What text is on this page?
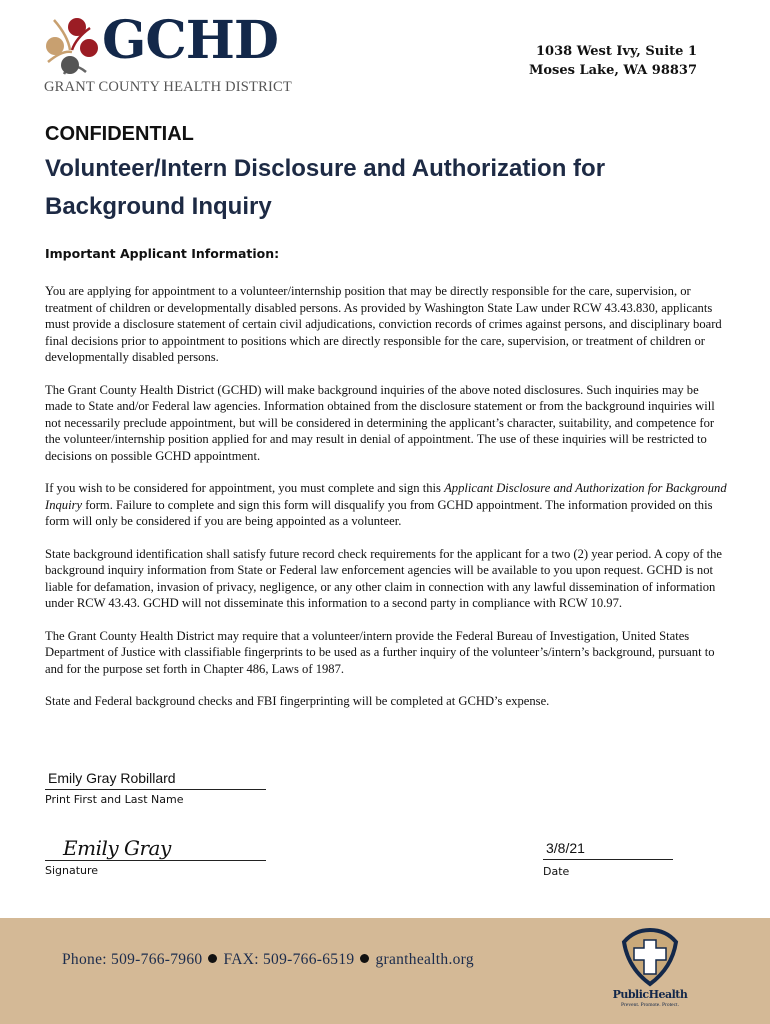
GCHD
GRANT COUNTY HEALTH DISTRICT
1038 West Ivy, Suite 1
Moses Lake, WA 98837
CONFIDENTIAL
Volunteer/Intern Disclosure and Authorization for Background Inquiry
Important Applicant Information:

You are applying for appointment to a volunteer/internship position that may be directly responsible for the care, supervision, or treatment of children or developmentally disabled persons. As provided by Washington State Law under RCW 43.43.830, applicants must provide a disclosure statement of certain civil adjudications, conviction records of crimes against persons, and disciplinary board final decisions prior to appointment to positions which are directly responsible for the care, supervision, or treatment of children or developmentally disabled persons.

The Grant County Health District (GCHD) will make background inquiries of the above noted disclosures. Such inquiries may be made to State and/or Federal law agencies. Information obtained from the disclosure statement or from the background inquiries will not necessarily preclude appointment, but will be considered in determining the applicant’s character, suitability, and competence for the volunteer/internship position applied for and may result in denial of appointment. The use of these inquiries will be restricted to decisions on possible GCHD appointment.

If you wish to be considered for appointment, you must complete and sign this Applicant Disclosure and Authorization for Background Inquiry form. Failure to complete and sign this form will disqualify you from GCHD appointment. The information provided on this form will only be considered if you are being appointed as a volunteer.

State background identification shall satisfy future record check requirements for the applicant for a two (2) year period. A copy of the background inquiry information from State or Federal law enforcement agencies will be available to you upon request. GCHD is not liable for defamation, invasion of privacy, negligence, or any other claim in connection with any lawful dissemination of information under RCW 43.43. GCHD will not disseminate this information to a second party in compliance with RCW 10.97.

The Grant County Health District may require that a volunteer/intern provide the Federal Bureau of Investigation, United States Department of Justice with classifiable fingerprints to be used as a further inquiry of the volunteer’s/intern’s background, pursuant to and for the purpose set forth in Chapter 486, Laws of 1987.

State and Federal background checks and FBI fingerprinting will be completed at GCHD’s expense.

Emily Gray Robillard
Print First and Last Name
Emily Gray
Signature
3/8/21
Date
Phone: 509-766-7960 FAX: 509-766-6519 granthealth.org
PublicHealth
Prevent. Promote. Protect.
